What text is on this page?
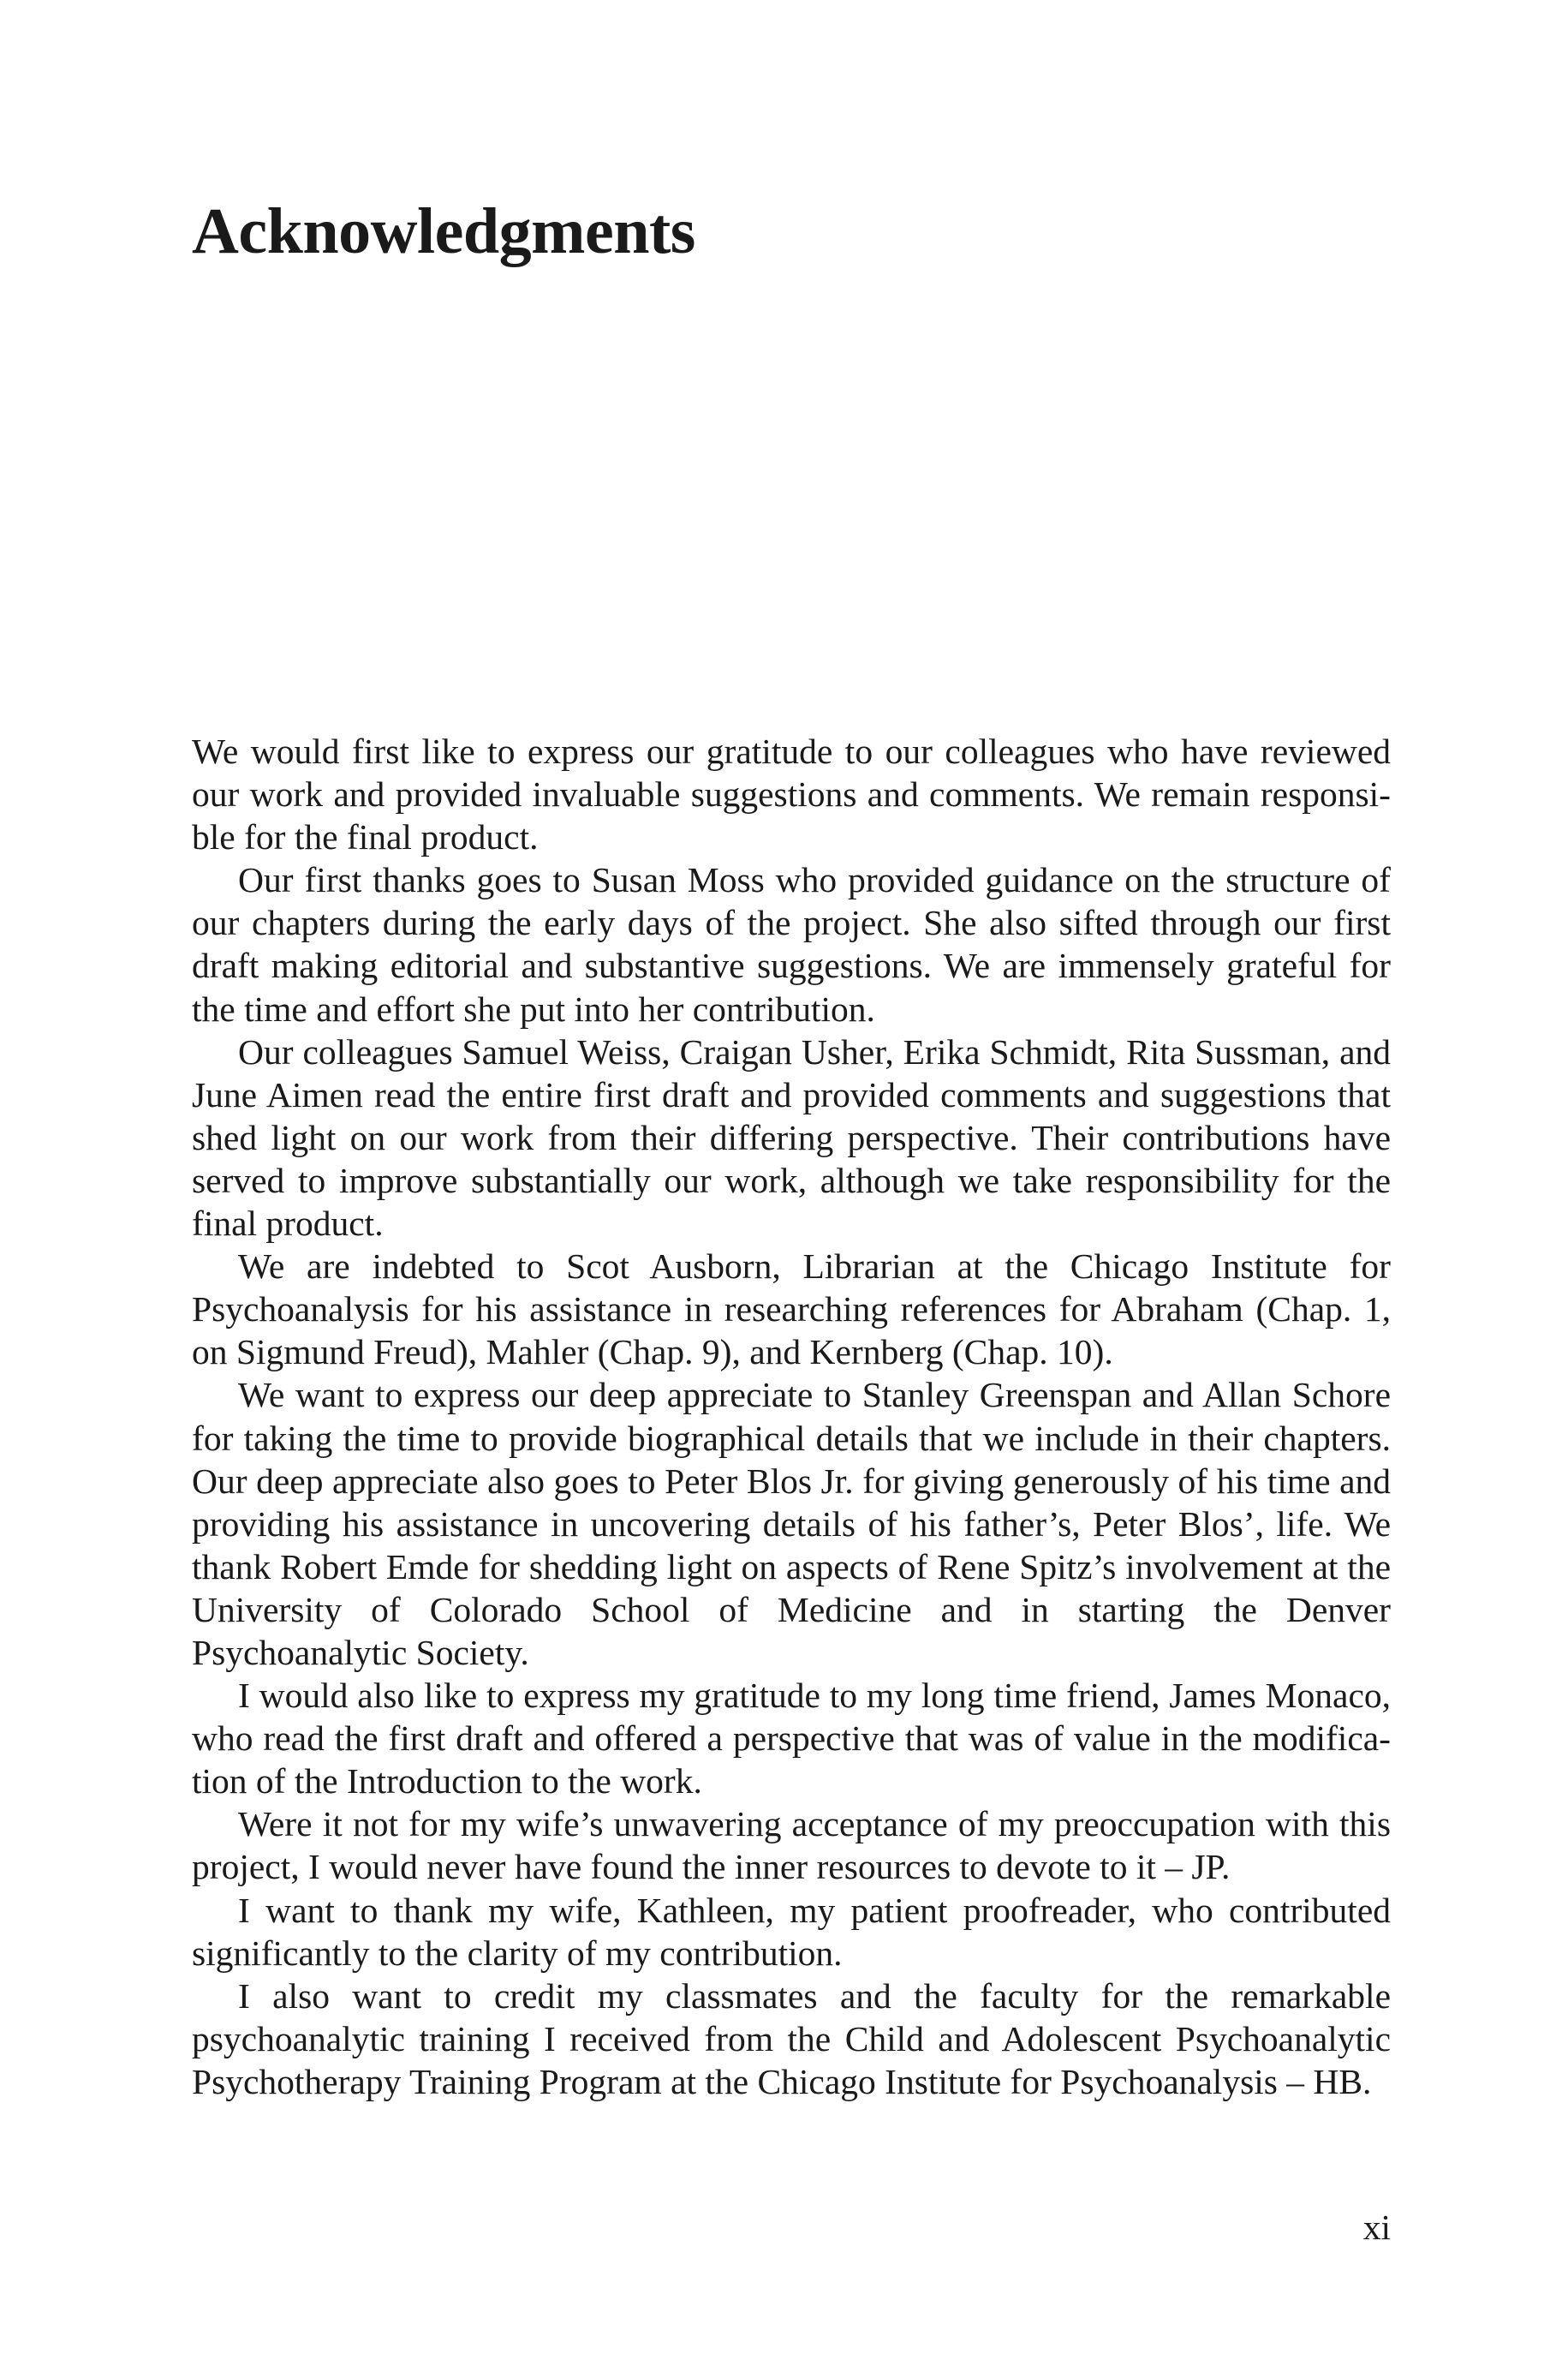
Acknowledgments

We would first like to express our gratitude to our colleagues who have reviewed our work and provided invaluable suggestions and comments. We remain responsible for the final product.

Our first thanks goes to Susan Moss who provided guidance on the structure of our chapters during the early days of the project. She also sifted through our first draft making editorial and substantive suggestions. We are immensely grateful for the time and effort she put into her contribution.

Our colleagues Samuel Weiss, Craigan Usher, Erika Schmidt, Rita Sussman, and June Aimen read the entire first draft and provided comments and suggestions that shed light on our work from their differing perspective. Their contributions have served to improve substantially our work, although we take responsibility for the final product.

We are indebted to Scot Ausborn, Librarian at the Chicago Institute for Psychoanalysis for his assistance in researching references for Abraham (Chap. 1, on Sigmund Freud), Mahler (Chap. 9), and Kernberg (Chap. 10).

We want to express our deep appreciate to Stanley Greenspan and Allan Schore for taking the time to provide biographical details that we include in their chapters. Our deep appreciate also goes to Peter Blos Jr. for giving generously of his time and providing his assistance in uncovering details of his father’s, Peter Blos’, life. We thank Robert Emde for shedding light on aspects of Rene Spitz’s involvement at the University of Colorado School of Medicine and in starting the Denver Psychoanalytic Society.

I would also like to express my gratitude to my long time friend, James Monaco, who read the first draft and offered a perspective that was of value in the modification of the Introduction to the work.

Were it not for my wife’s unwavering acceptance of my preoccupation with this project, I would never have found the inner resources to devote to it – JP.

I want to thank my wife, Kathleen, my patient proofreader, who contributed significantly to the clarity of my contribution.

I also want to credit my classmates and the faculty for the remarkable psychoanalytic training I received from the Child and Adolescent Psychoanalytic Psychotherapy Training Program at the Chicago Institute for Psychoanalysis – HB.

xi
